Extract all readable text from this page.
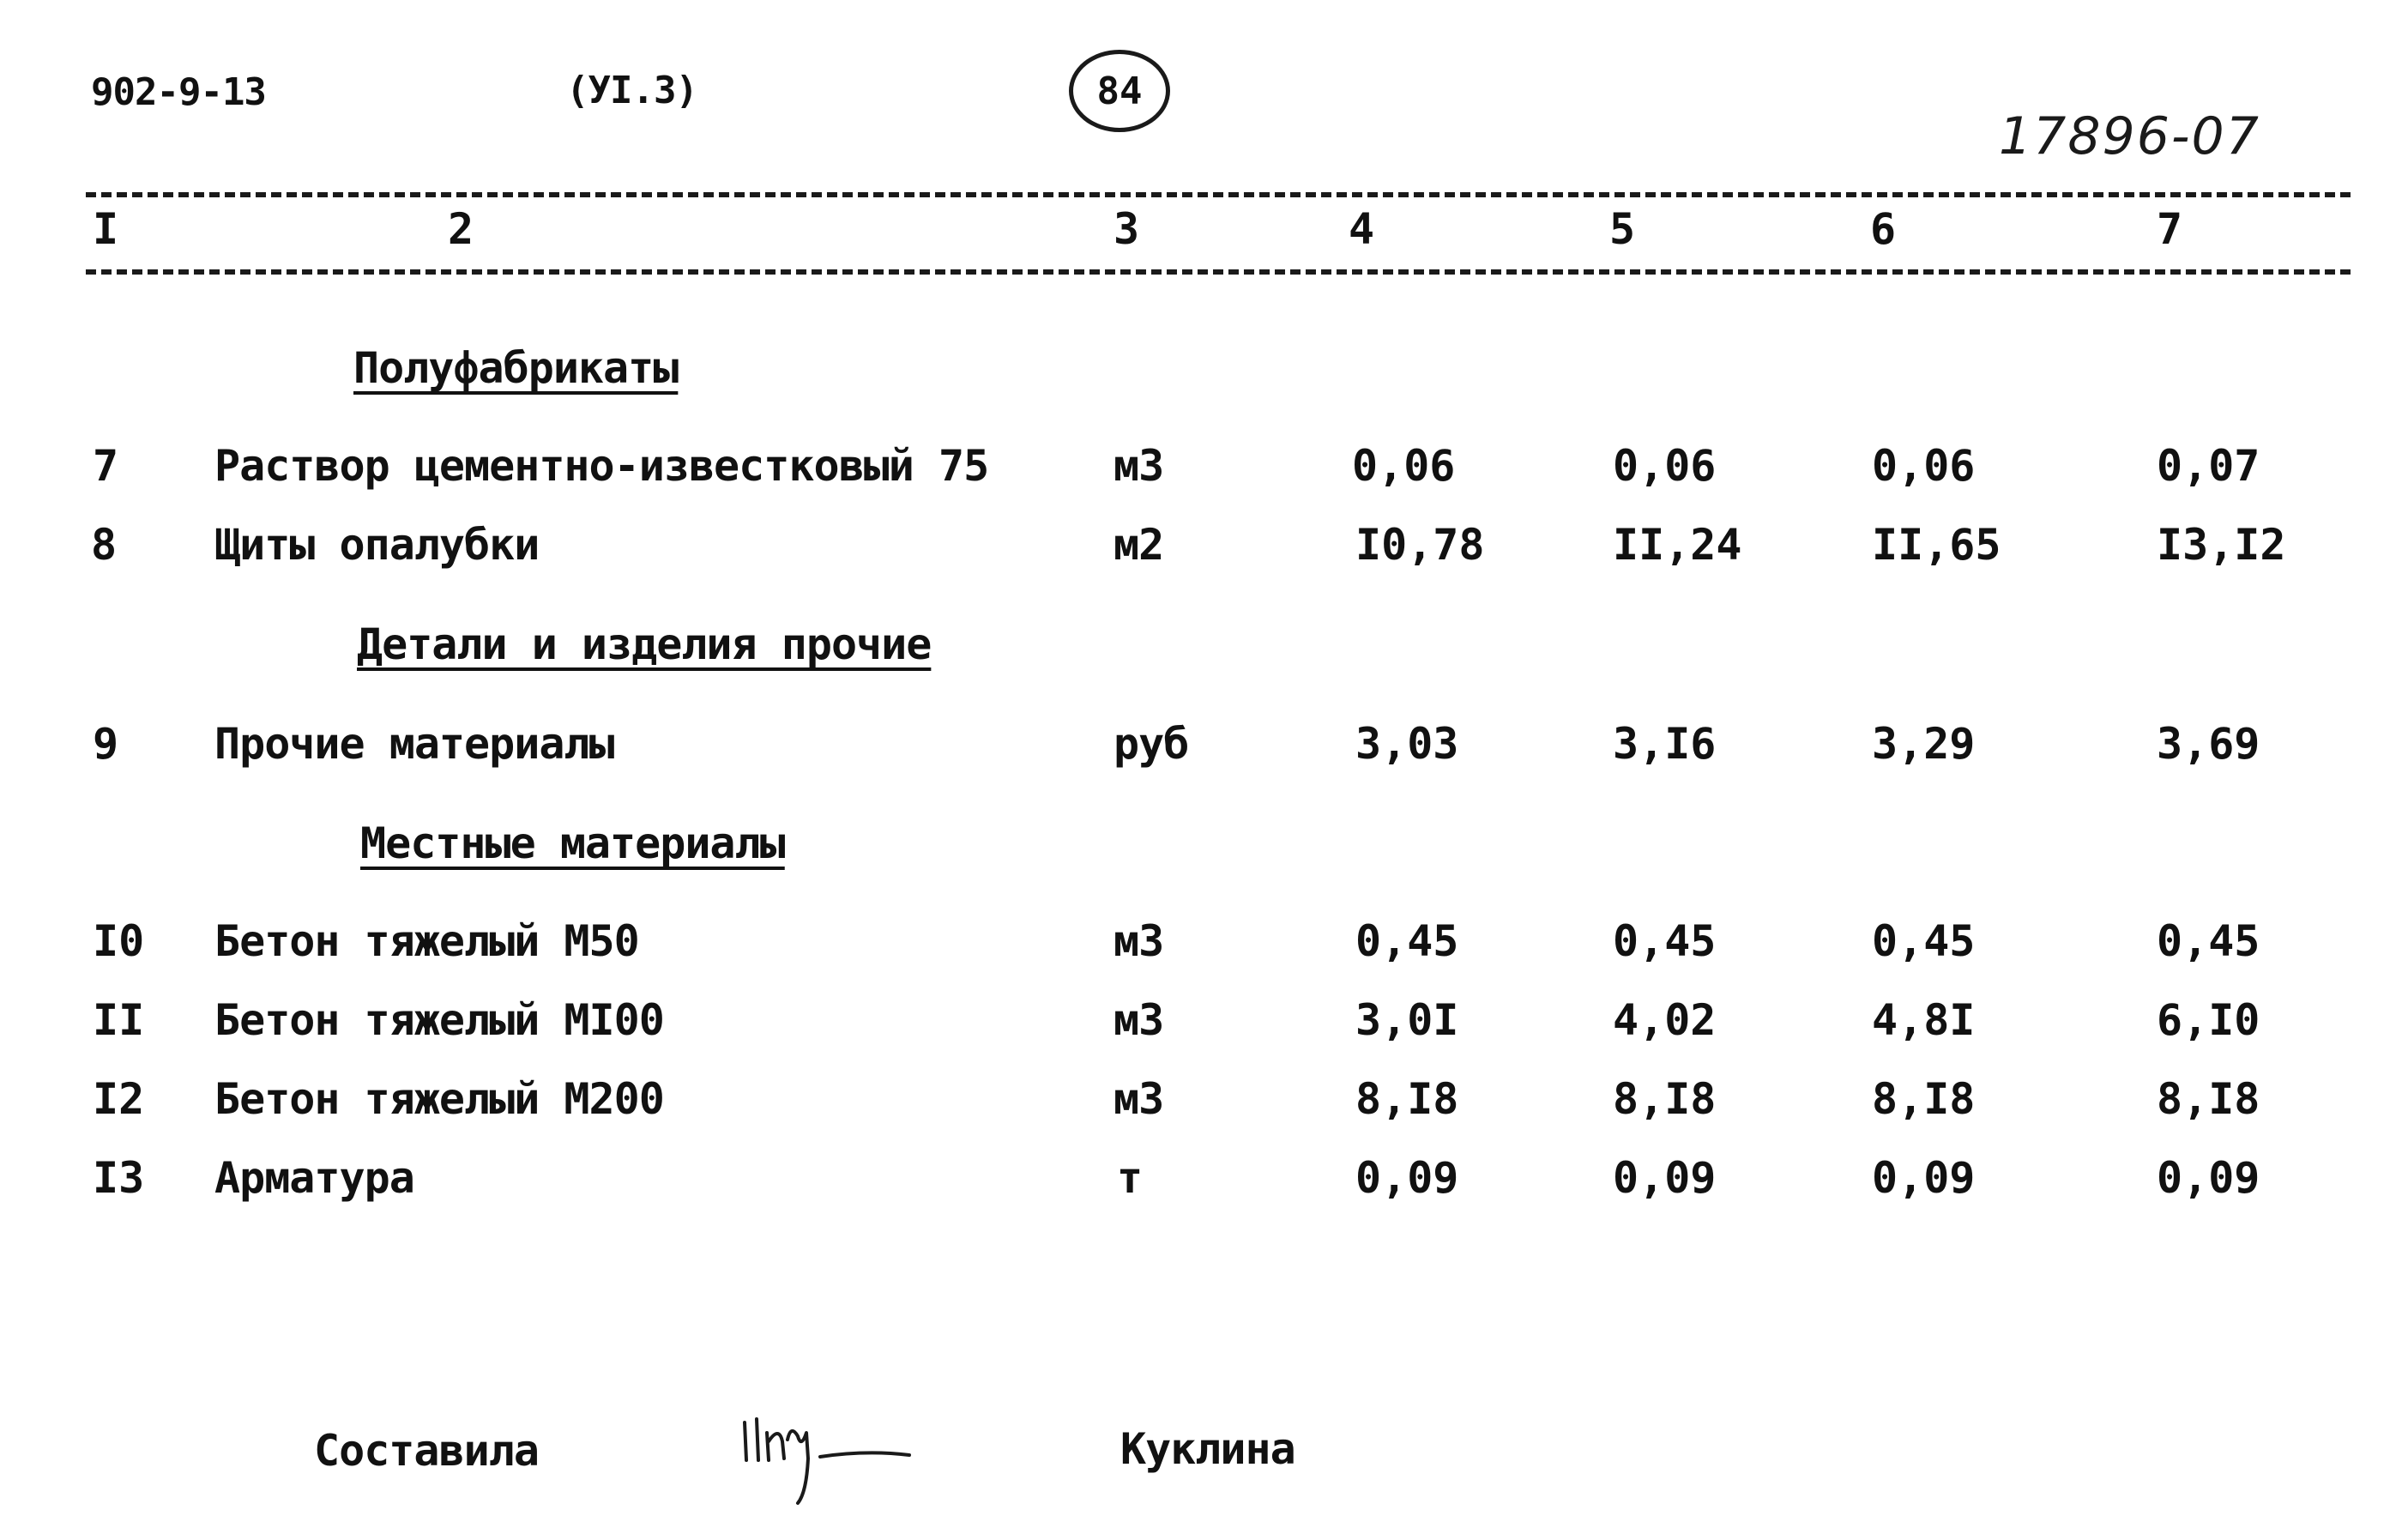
902-9-13	(УI.3)	84
17896-07
I	2	3	4	5	6	7
Полуфабрикаты
7 Раствор цементно-известковый 75	м3	0,06	0,06	0,06	0,07
8 Щиты опалубки	м2	I0,78	II,24	II,65	I3,I2
Детали и изделия прочие
9 Прочие материалы	руб	3,03	3,I6	3,29	3,69
Местные материалы
I0 Бетон тяжелый М50	м3	0,45	0,45	0,45	0,45
II Бетон тяжелый МI00	м3	3,0I	4,02	4,8I	6,I0
I2 Бетон тяжелый М200	м3	8,I8	8,I8	8,I8	8,I8
I3 Арматура	т	0,09	0,09	0,09	0,09
Составила	Куклина
